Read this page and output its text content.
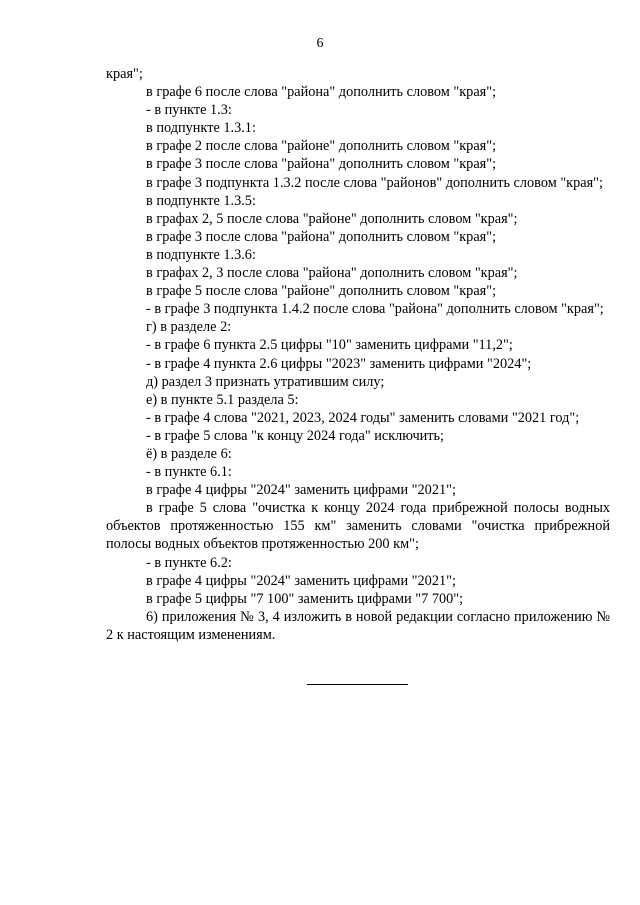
6

края";

в графе 6 после слова "района" дополнить словом "края";

- в пункте 1.3:

в подпункте 1.3.1:

в графе 2 после слова "районе" дополнить словом "края";

в графе 3 после слова "района" дополнить словом "края";

в графе 3 подпункта 1.3.2 после слова "районов" дополнить словом "края";

в подпункте 1.3.5:

в графах 2, 5 после слова "районе" дополнить словом "края";

в графе 3 после слова "района" дополнить словом "края";

в подпункте 1.3.6:

в графах 2, 3 после слова "района" дополнить словом "края";

в графе 5 после слова "районе" дополнить словом "края";

- в графе 3 подпункта 1.4.2 после слова "района" дополнить словом "края";

г) в разделе 2:

- в графе 6 пункта 2.5 цифры "10" заменить цифрами "11,2";

- в графе 4 пункта 2.6 цифры "2023" заменить цифрами "2024";

д) раздел 3 признать утратившим силу;

е) в пункте 5.1 раздела 5:

- в графе 4 слова "2021, 2023, 2024 годы" заменить словами "2021 год";

- в графе 5 слова "к концу 2024 года" исключить;

ё) в разделе 6:

- в пункте 6.1:

в графе 4 цифры "2024" заменить цифрами "2021";

в графе 5 слова "очистка к концу 2024 года прибрежной полосы водных объектов протяженностью 155 км" заменить словами "очистка прибрежной полосы водных объектов протяженностью 200 км";

- в пункте 6.2:

в графе 4 цифры "2024" заменить цифрами "2021";

в графе 5 цифры "7 100" заменить цифрами "7 700";

6) приложения № 3, 4 изложить в новой редакции согласно приложению № 2 к настоящим изменениям.
